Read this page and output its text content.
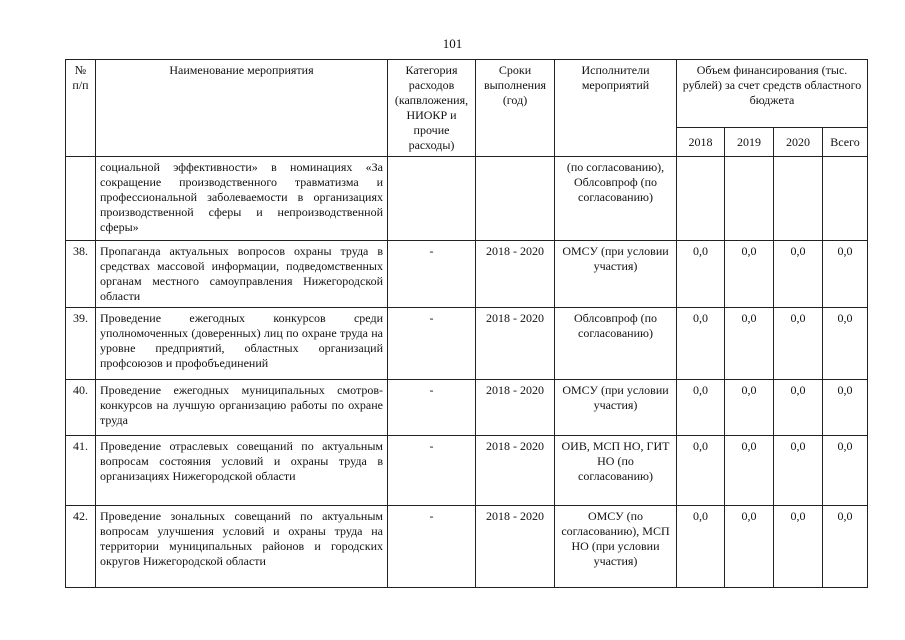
101
№ п/п	Наименование мероприятия	Категория расходов (капвложения, НИОКР и прочие расходы)	Сроки выполнения (год)	Исполнители мероприятий	Объем финансирования (тыс. рублей) за счет средств областного бюджета			
					2018	2019	2020	Всего
	социальной эффективности» в номинациях «За сокращение производственного травматизма и профессиональной заболеваемости в организациях производственной сферы и непроизводственной сферы»			(по согласованию), Облсовпроф (по согласованию)				
38.	Пропаганда актуальных вопросов охраны труда в средствах массовой информации, подведомственных органам местного самоуправления Нижегородской области	-	2018 - 2020	ОМСУ (при условии участия)	0,0	0,0	0,0	0,0
39.	Проведение ежегодных конкурсов среди уполномоченных (доверенных) лиц по охране труда на уровне предприятий, областных организаций профсоюзов и профобъединений	-	2018 - 2020	Облсовпроф (по согласованию)	0,0	0,0	0,0	0,0
40.	Проведение ежегодных муниципальных смотров-конкурсов на лучшую организацию работы по охране труда	-	2018 - 2020	ОМСУ (при условии участия)	0,0	0,0	0,0	0,0
41.	Проведение отраслевых совещаний по актуальным вопросам состояния условий и охраны труда в организациях Нижегородской области	-	2018 - 2020	ОИВ, МСП НО, ГИТ НО (по согласованию)	0,0	0,0	0,0	0,0
42.	Проведение зональных совещаний по актуальным вопросам улучшения условий и охраны труда на территории муниципальных районов и городских округов Нижегородской области	-	2018 - 2020	ОМСУ (по согласованию), МСП НО (при условии участия)	0,0	0,0	0,0	0,0
